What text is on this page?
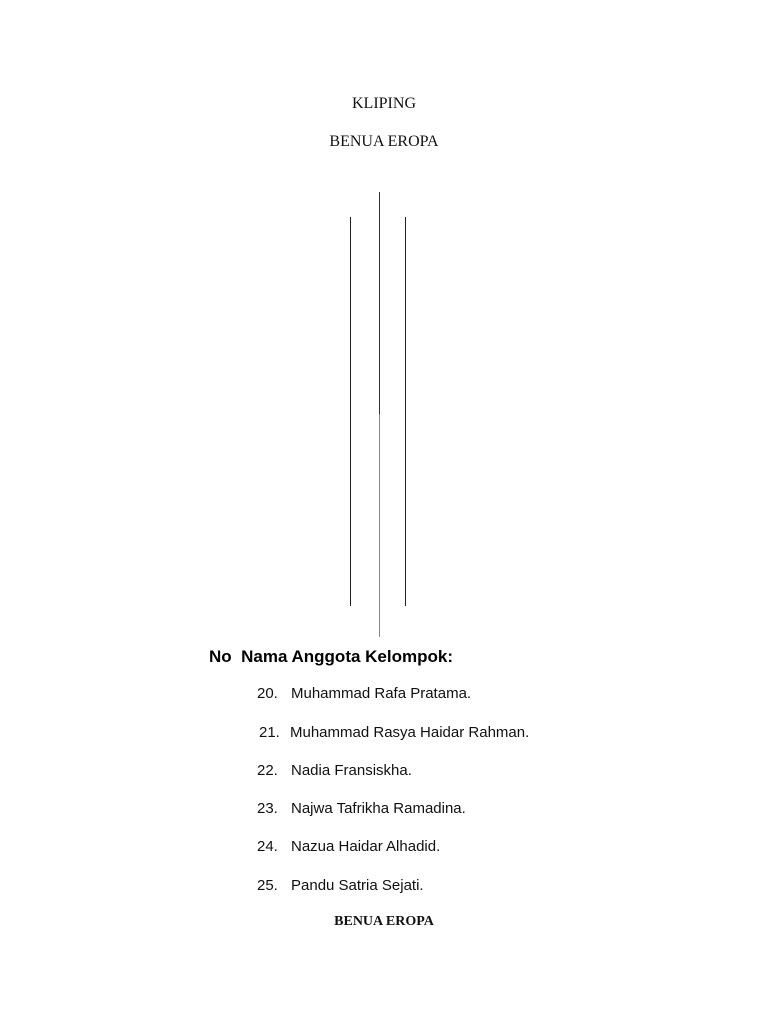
KLIPING
BENUA EROPA
No  Nama Anggota Kelompok:
20. Muhammad Rafa Pratama.
21. Muhammad Rasya Haidar Rahman.
22. Nadia Fransiskha.
23. Najwa Tafrikha Ramadina.
24. Nazua Haidar Alhadid.
25. Pandu Satria Sejati.
BENUA EROPA
